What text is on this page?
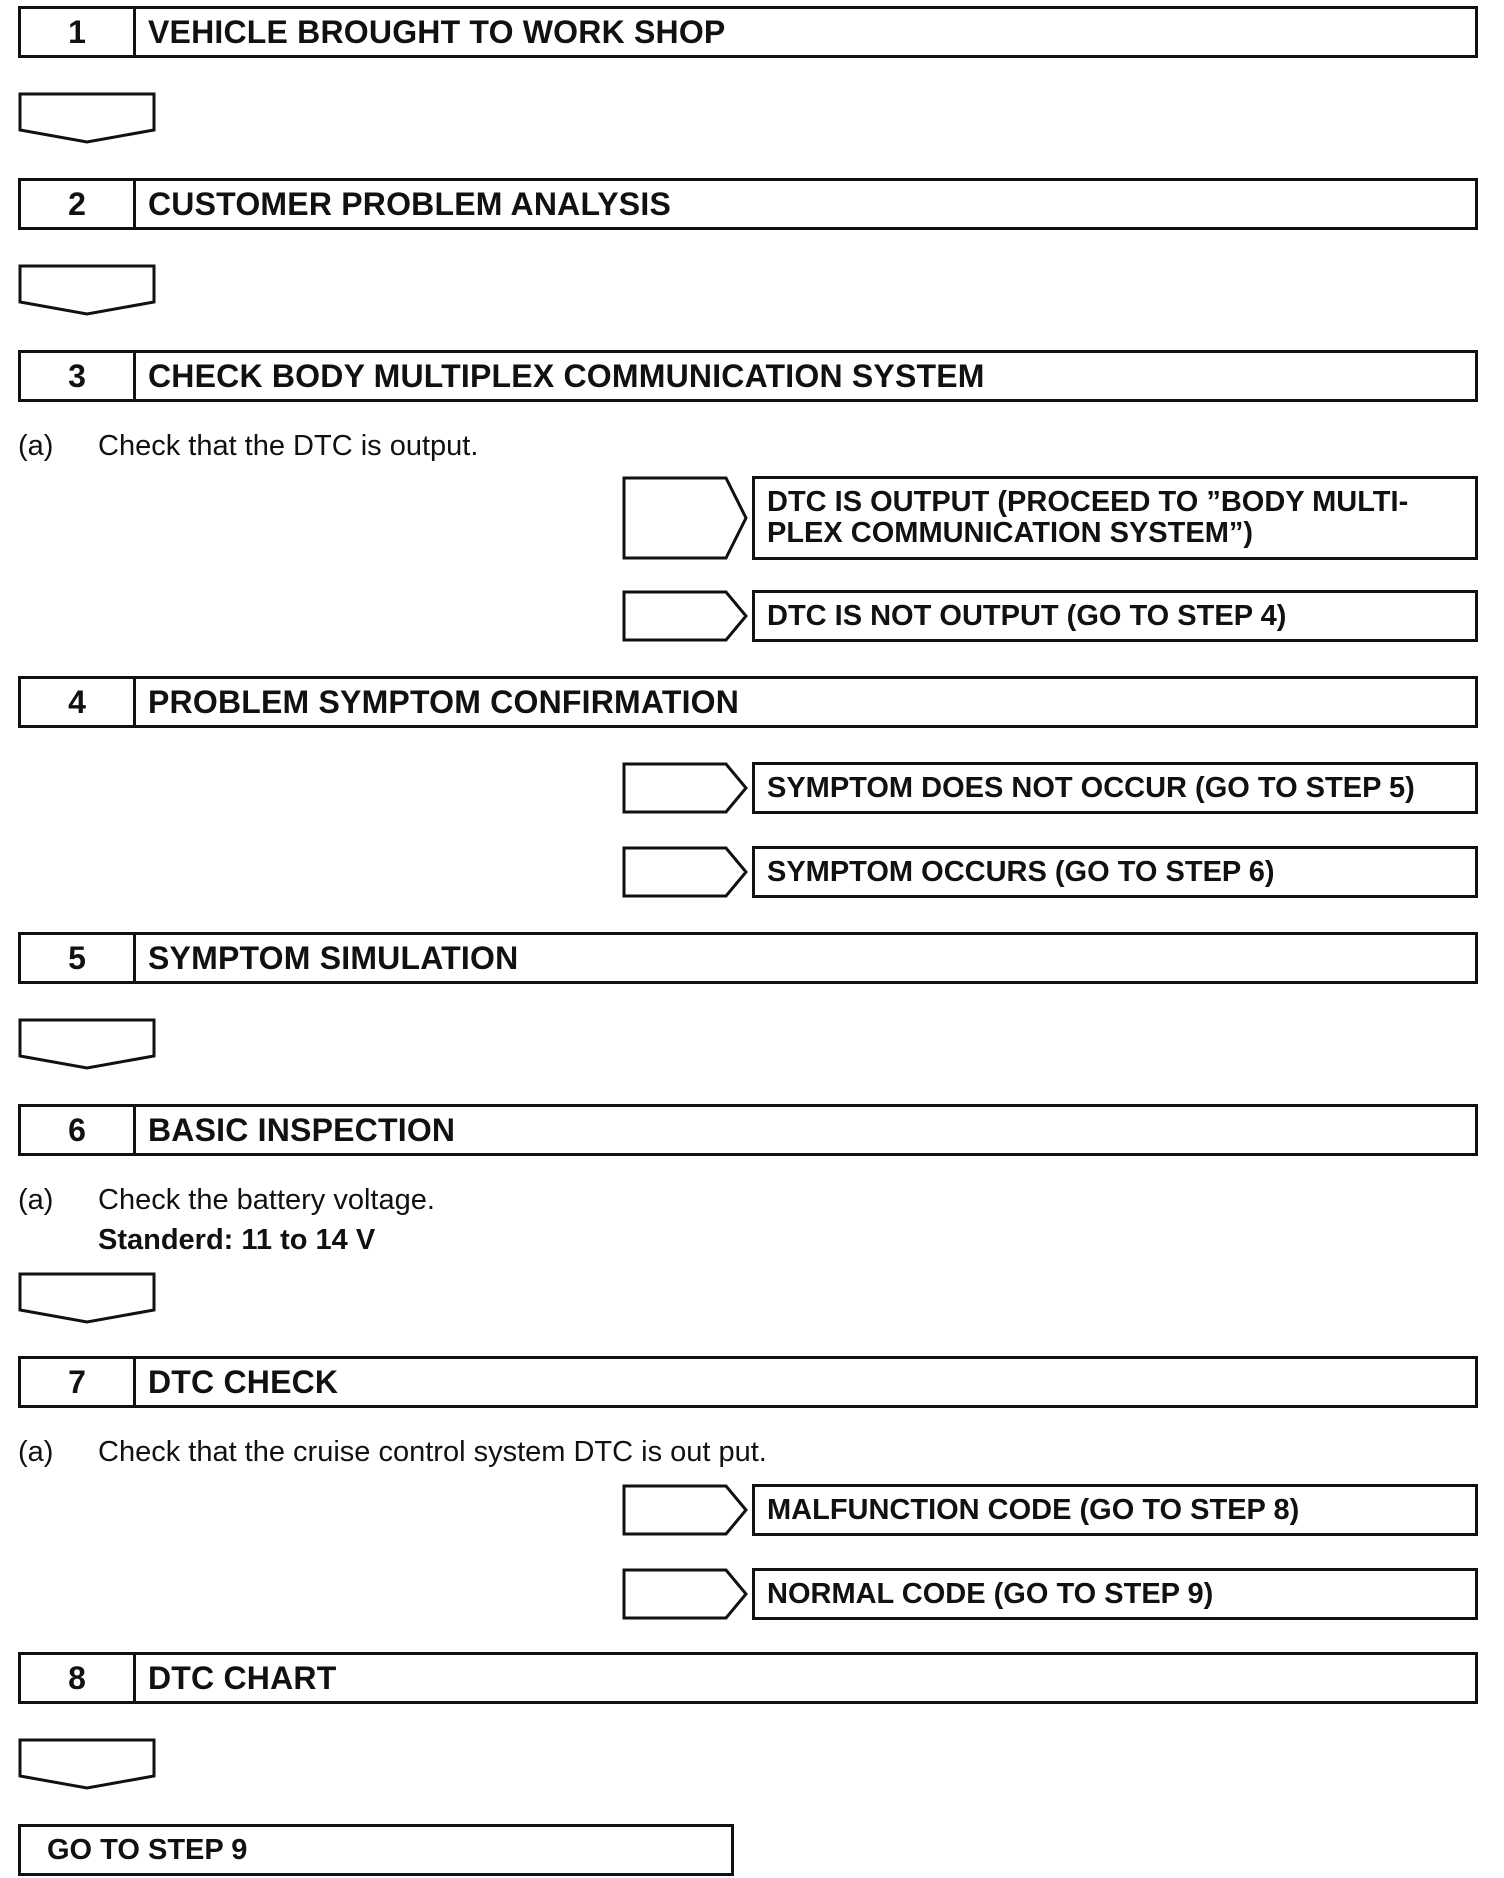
1	VEHICLE BROUGHT TO WORK SHOP
2	CUSTOMER PROBLEM ANALYSIS
3	CHECK BODY MULTIPLEX COMMUNICATION SYSTEM
(a) Check that the DTC is output.
DTC IS OUTPUT (PROCEED TO ”BODY MULTI-
PLEX COMMUNICATION SYSTEM”)
DTC IS NOT OUTPUT (GO TO STEP 4)
4	PROBLEM SYMPTOM CONFIRMATION
SYMPTOM DOES NOT OCCUR (GO TO STEP 5)
SYMPTOM OCCURS (GO TO STEP 6)
5	SYMPTOM SIMULATION
6	BASIC INSPECTION
(a) Check the battery voltage.
Standerd: 11 to 14 V
7	DTC CHECK
(a) Check that the cruise control system DTC is out put.
MALFUNCTION CODE (GO TO STEP 8)
NORMAL CODE (GO TO STEP 9)
8	DTC CHART
GO TO STEP 9
